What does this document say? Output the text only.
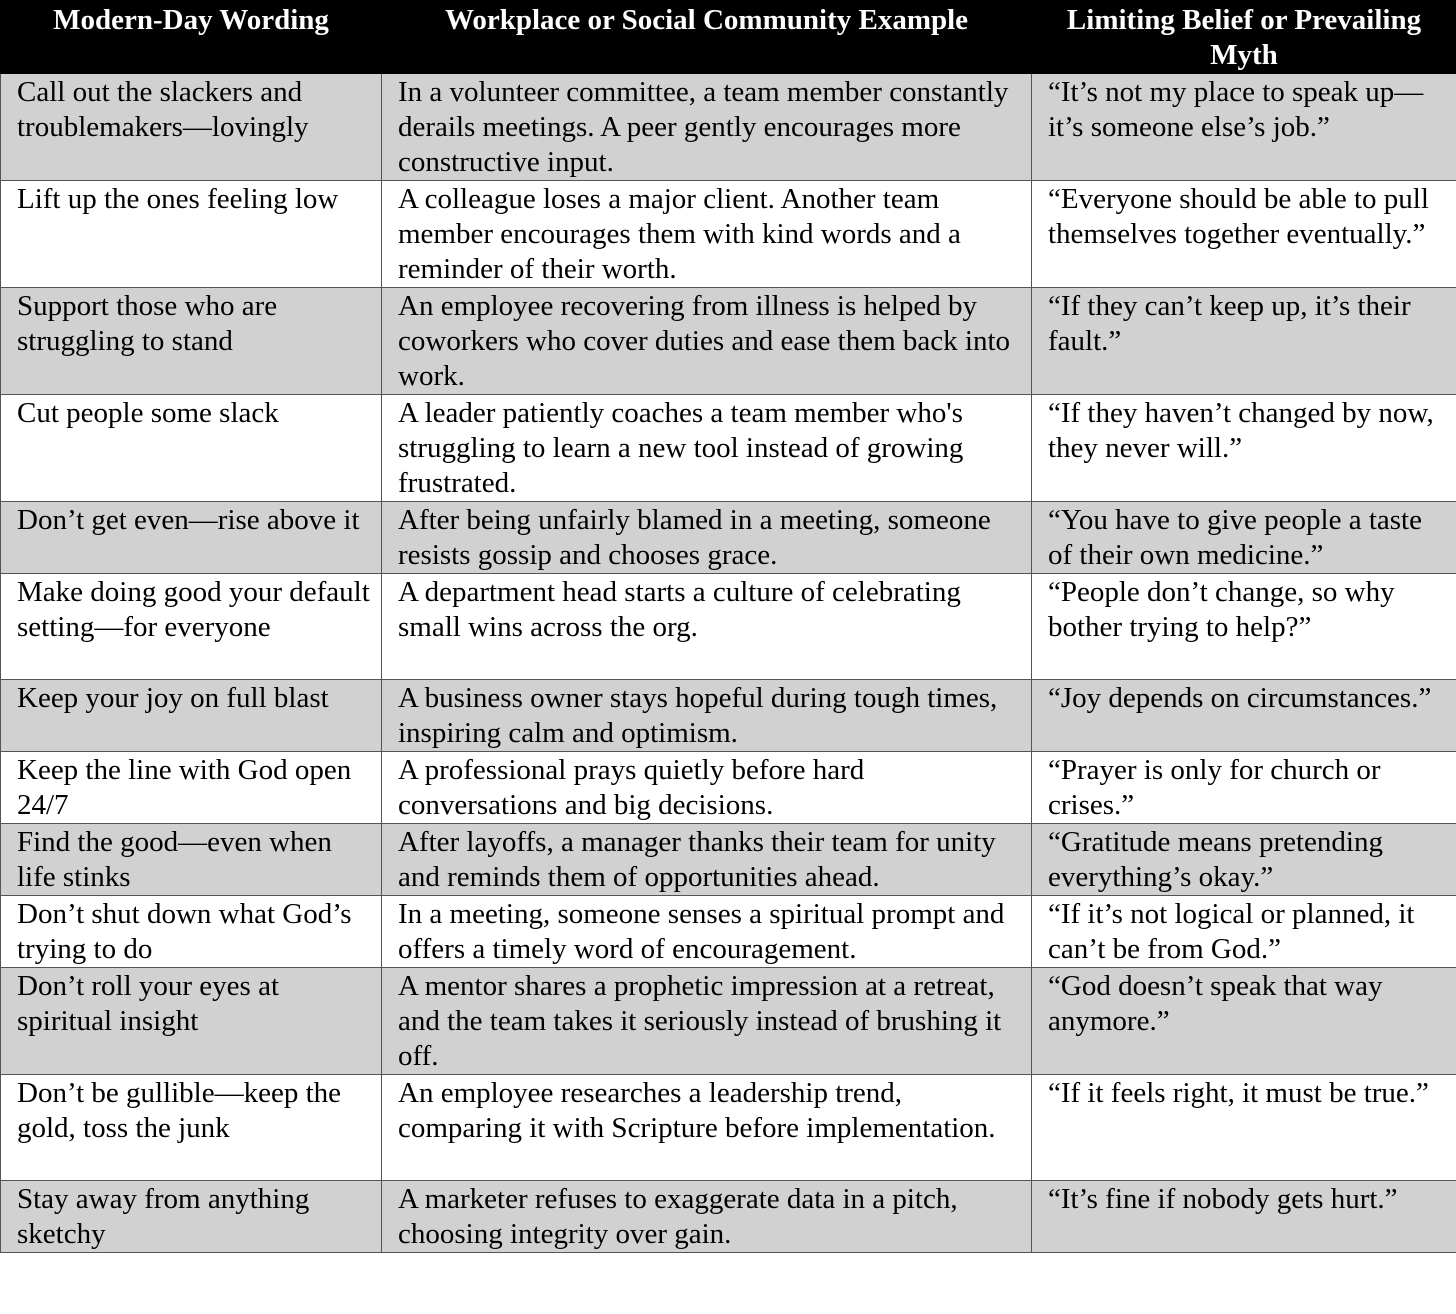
Modern-Day Wording	Workplace or Social Community Example	Limiting Belief or Prevailing Myth
Call out the slackers and troublemakers—lovingly	In a volunteer committee, a team member constantly derails meetings. A peer gently encourages more constructive input.	“It’s not my place to speak up—it’s someone else’s job.”
Lift up the ones feeling low	A colleague loses a major client. Another team member encourages them with kind words and a reminder of their worth.	“Everyone should be able to pull themselves together eventually.”
Support those who are struggling to stand	An employee recovering from illness is helped by coworkers who cover duties and ease them back into work.	“If they can’t keep up, it’s their fault.”
Cut people some slack	A leader patiently coaches a team member who's struggling to learn a new tool instead of growing frustrated.	“If they haven’t changed by now, they never will.”
Don’t get even—rise above it	After being unfairly blamed in a meeting, someone resists gossip and chooses grace.	“You have to give people a taste of their own medicine.”
Make doing good your default setting—for everyone	A department head starts a culture of celebrating small wins across the org.	“People don’t change, so why bother trying to help?”
Keep your joy on full blast	A business owner stays hopeful during tough times, inspiring calm and optimism.	“Joy depends on circumstances.”
Keep the line with God open 24/7	A professional prays quietly before hard conversations and big decisions.	“Prayer is only for church or crises.”
Find the good—even when life stinks	After layoffs, a manager thanks their team for unity and reminds them of opportunities ahead.	“Gratitude means pretending everything’s okay.”
Don’t shut down what God’s trying to do	In a meeting, someone senses a spiritual prompt and offers a timely word of encouragement.	“If it’s not logical or planned, it can’t be from God.”
Don’t roll your eyes at spiritual insight	A mentor shares a prophetic impression at a retreat, and the team takes it seriously instead of brushing it off.	“God doesn’t speak that way anymore.”
Don’t be gullible—keep the gold, toss the junk	An employee researches a leadership trend, comparing it with Scripture before implementation.	“If it feels right, it must be true.”
Stay away from anything sketchy	A marketer refuses to exaggerate data in a pitch, choosing integrity over gain.	“It’s fine if nobody gets hurt.”
